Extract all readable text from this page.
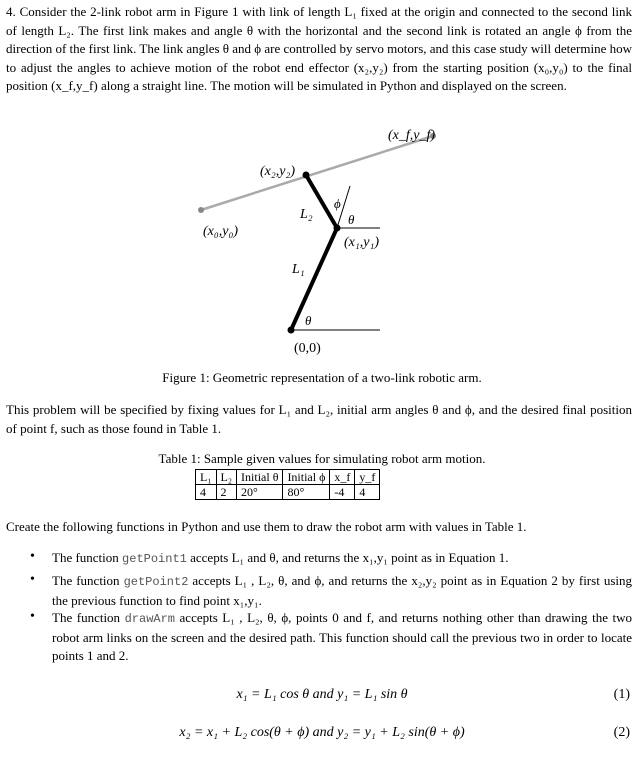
4. Consider the 2-link robot arm in Figure 1 with link of length L₁ fixed at the origin and connected to the second link of length L₂. The first link makes and angle θ with the horizontal and the second link is rotated an angle ϕ from the direction of the first link. The link angles θ and ϕ are controlled by servo motors, and this case study will determine how to adjust the angles to achieve motion of the robot end effector (x₂,y₂) from the starting position (x₀,y₀) to the final position (x_f,y_f) along a straight line. The motion will be simulated in Python and displayed on the screen.
(x_f,y_f)
(x₂,y₂)
(x₀,y₀)
(x₁,y₁)
L₂
L₁
ϕ
θ
θ
(0,0)
Figure 1: Geometric representation of a two-link robotic arm.
This problem will be specified by fixing values for L₁ and L₂, initial arm angles θ and ϕ, and the desired final position of point f, such as those found in Table 1.
Table 1: Sample given values for simulating robot arm motion.
L₁	L₂	Initial θ	Initial ϕ	x_f	y_f
4	2	20°	80°	-4	4
Create the following functions in Python and use them to draw the robot arm with values in Table 1.
• The function getPoint1 accepts L₁ and θ, and returns the x₁,y₁ point as in Equation 1.
• The function getPoint2 accepts L₁ , L₂, θ, and ϕ, and returns the x₂,y₂ point as in Equation 2 by first using the previous function to find point x₁,y₁.
• The function drawArm accepts L₁ , L₂, θ, ϕ, points 0 and f, and returns nothing other than drawing the two robot arm links on the screen and the desired path. This function should call the previous two in order to locate points 1 and 2.
x₁ = L₁ cos θ and y₁ = L₁ sin θ	(1)
x₂ = x₁ + L₂ cos(θ + ϕ) and y₂ = y₁ + L₂ sin(θ + ϕ)	(2)
